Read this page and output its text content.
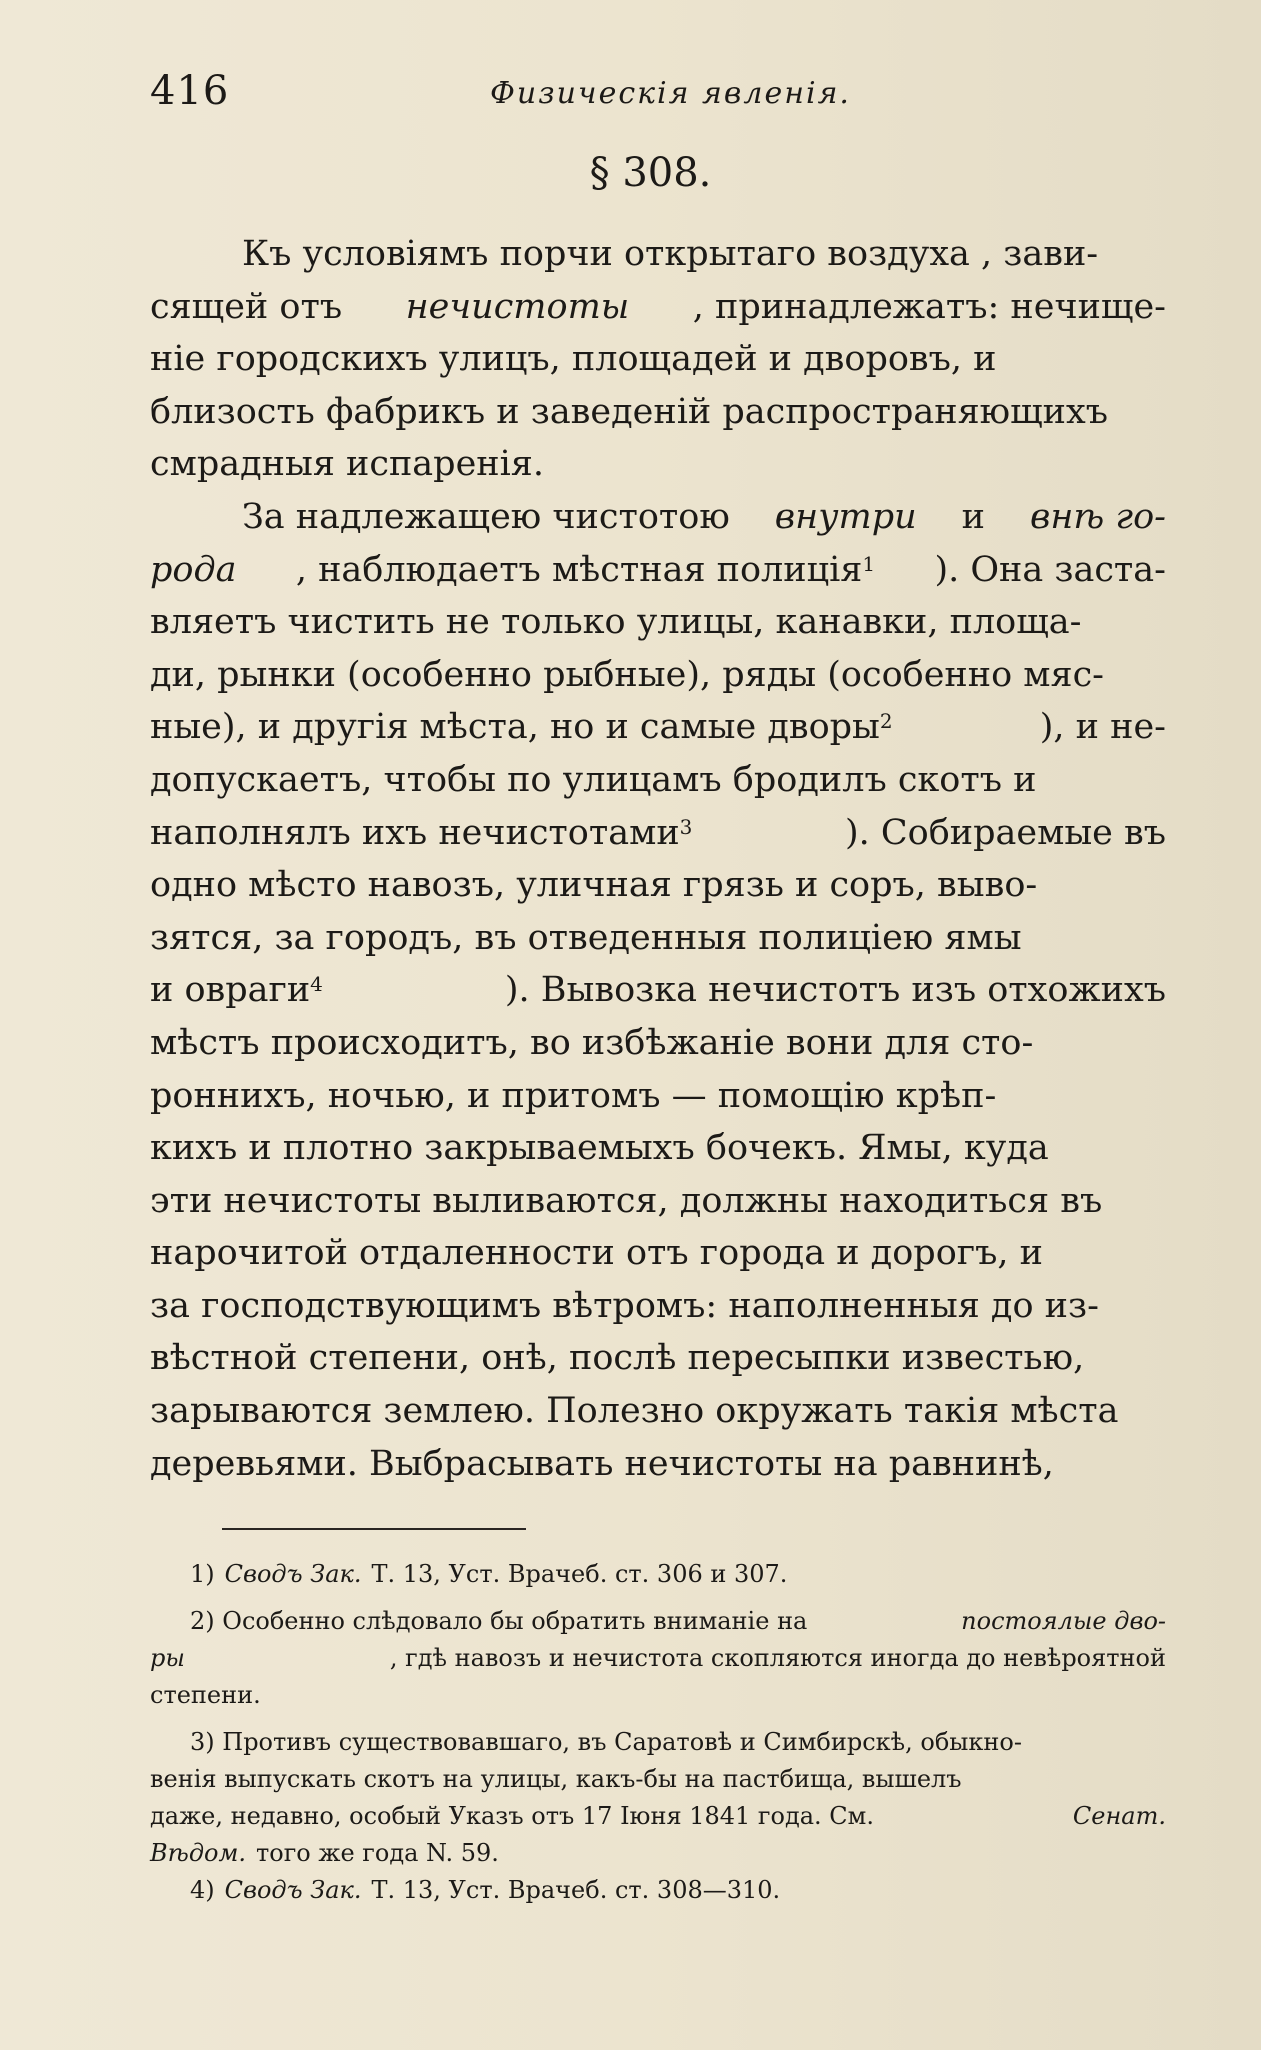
416	Физическія явленія.
§ 308.
Къ условіямъ порчи открытаго воздуха , зави-
сящей отъ нечистоты , принадлежатъ: нечище-
ніе городскихъ улицъ, площадей и дворовъ, и
близость фабрикъ и заведеній распространяющихъ
смрадныя испаренія.
За надлежащею чистотою внутри и внѣ го-
рода , наблюдаетъ мѣстная полиція$^1$ ). Она заста-
вляетъ чистить не только улицы, канавки, площа-
ди, рынки (особенно рыбные), ряды (особенно мяс-
ные), и другія мѣста, но и самые дворы$^2$	), и не-
допускаетъ, чтобы по улицамъ бродилъ скотъ и
наполнялъ ихъ нечистотами$^3$	). Собираемые въ
одно мѣсто навозъ, уличная грязь и соръ, выво-
зятся, за городъ, въ отведенныя полиціею ямы
и овраги$^4$	). Вывозка нечистотъ изъ отхожихъ
мѣстъ происходитъ, во избѣжаніе вони для сто-
роннихъ, ночью, и притомъ — помощію крѣп-
кихъ и плотно закрываемыхъ бочекъ. Ямы, куда
эти нечистоты выливаются, должны находиться въ
нарочитой отдаленности отъ города и дорогъ, и
за господствующимъ вѣтромъ: наполненныя до из-
вѣстной степени, онѣ, послѣ пересыпки известью,
зарываются землею. Полезно окружать такія мѣста
деревьями. Выбрасывать нечистоты на равнинѣ,
1) Сводъ Зак. Т. 13, Уст. Врачеб. ст. 306 и 307.
2) Особенно слѣдовало бы обратить вниманіе на	постоялые дво-
ры	, гдѣ навозъ и нечистота скопляются иногда до невѣроятной
степени.
3) Противъ существовавшаго, въ Саратовѣ и Симбирскѣ, обыкно-
венія выпускать скотъ на улицы, какъ-бы на пастбища, вышелъ
даже, недавно, особый Указъ отъ 17 Іюня 1841 года. См.	Сенат.
Вѣдом. того же года N. 59.
4) Сводъ Зак. Т. 13, Уст. Врачеб. ст. 308—310.
